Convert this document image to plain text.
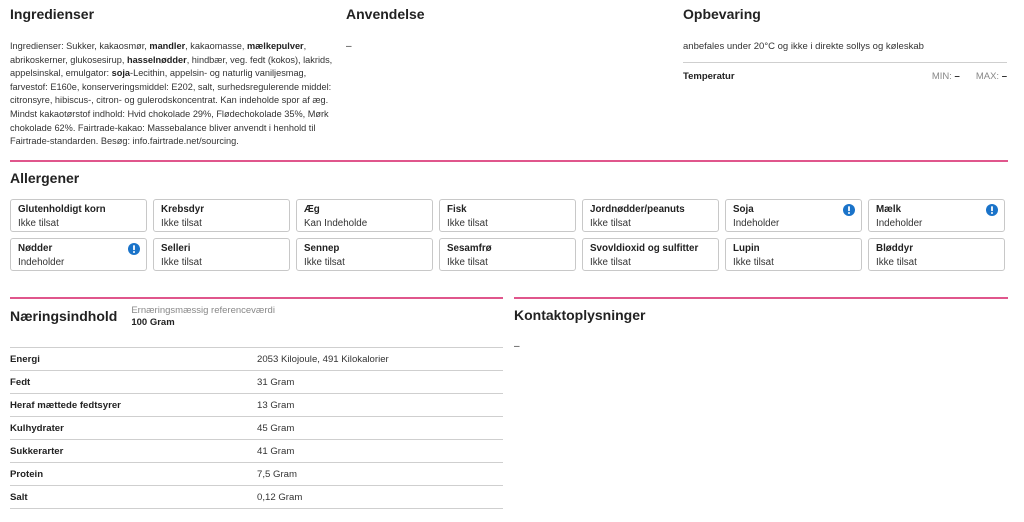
Ingredienser
Ingredienser: Sukker, kakaosmør, mandler, kakaomasse, mælkepulver, abrikoskerner, glukosesirup, hasselnødder, hindbær, veg. fedt (kokos), lakrids, appelsinskal, emulgator: soja-Lecithin, appelsin- og naturlig vaniljesmag, farvestof: E160e, konserveringsmiddel: E202, salt, surhedsregulerende middel: citronsyre, hibiscus-, citron- og gulerodskoncentrat. Kan indeholde spor af æg. Mindst kakaotørstof indhold: Hvid chokolade 29%, Flødechokolade 35%, Mørk chokolade 62%. Fairtrade-kakao: Massebalance bliver anvendt i henhold til Fairtrade-standarden. Besøg: info.fairtrade.net/sourcing.
Anvendelse
–
Opbevaring
anbefales under 20°C og ikke i direkte sollys og køleskab
Temperatur	MIN: – MAX: –
Allergener
Glutenholdigt korn
Ikke tilsat
Krebsdyr
Ikke tilsat
Æg
Kan Indeholde
Fisk
Ikke tilsat
Jordnødder/peanuts
Ikke tilsat
Soja
Indeholder
Mælk
Indeholder
Nødder
Indeholder
Selleri
Ikke tilsat
Sennep
Ikke tilsat
Sesamfrø
Ikke tilsat
Svovldioxid og sulfitter
Ikke tilsat
Lupin
Ikke tilsat
Bløddyr
Ikke tilsat
Næringsindhold Ernæringsmæssig referenceværdi
100 Gram
Energi	2053 Kilojoule, 491 Kilokalorier
Fedt	31 Gram
Heraf mættede fedtsyrer	13 Gram
Kulhydrater	45 Gram
Sukkerarter	41 Gram
Protein	7,5 Gram
Salt	0,12 Gram
Kontaktoplysninger
–
